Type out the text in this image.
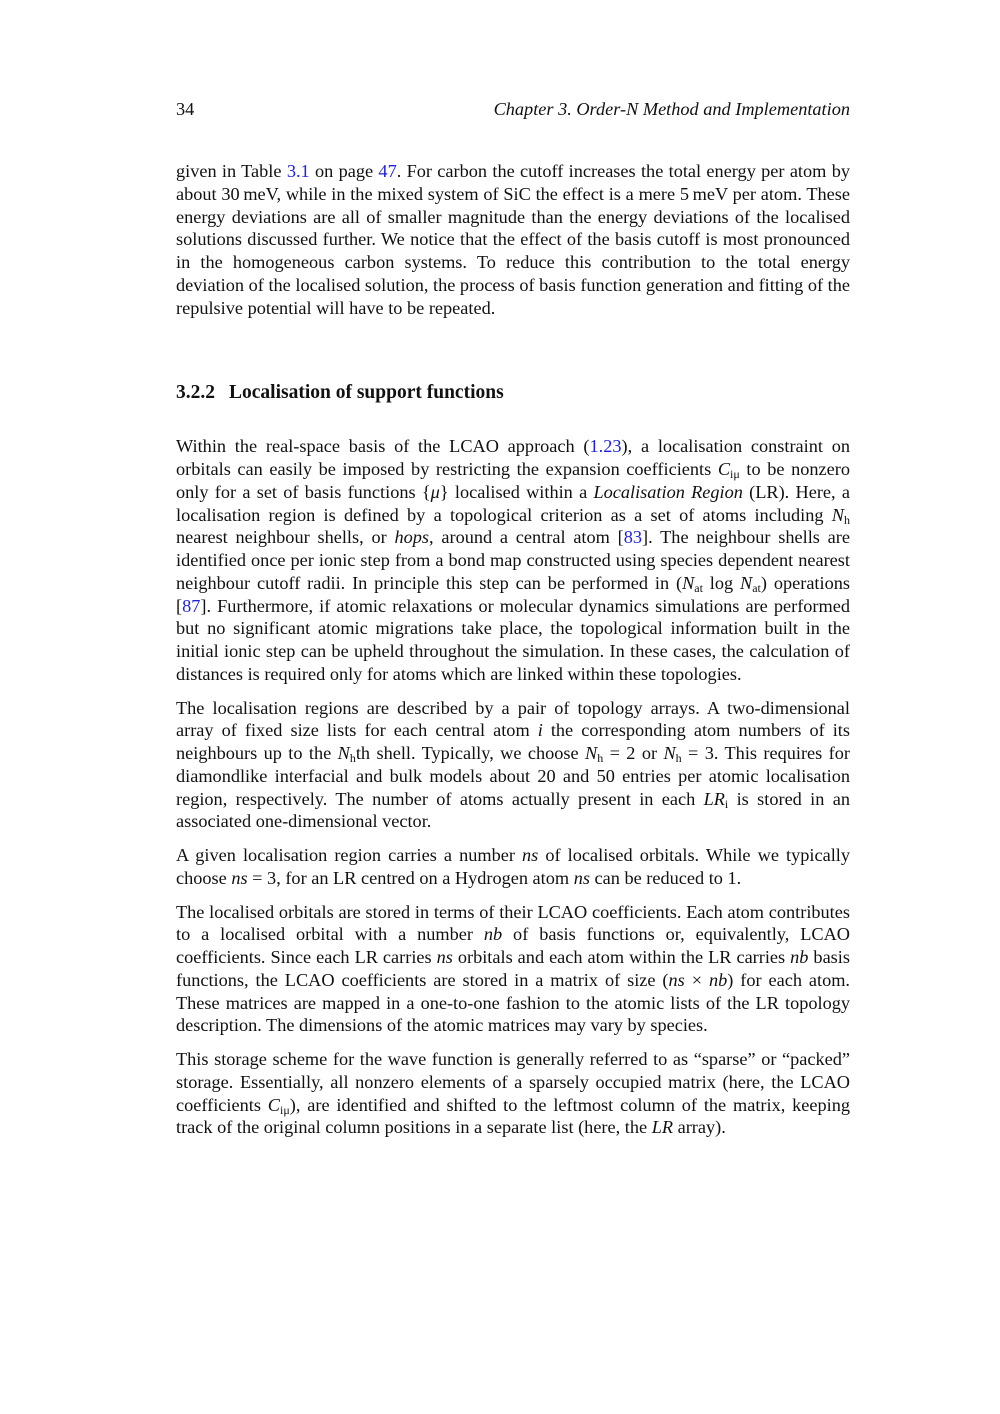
34	Chapter 3. Order-N Method and Implementation

given in Table 3.1 on page 47. For carbon the cutoff increases the total energy per atom by about 30 meV, while in the mixed system of SiC the effect is a mere 5 meV per atom. These energy deviations are all of smaller magnitude than the energy deviations of the localised solutions discussed further. We notice that the effect of the basis cutoff is most pronounced in the homogeneous carbon systems. To reduce this contribution to the total energy deviation of the localised solution, the process of basis function generation and fitting of the repulsive potential will have to be repeated.

3.2.2 Localisation of support functions

Within the real-space basis of the LCAO approach (1.23), a localisation constraint on orbitals can easily be imposed by restricting the expansion coefficients $C_{i\mu}$ to be nonzero only for a set of basis functions {μ} localised within a Localisation Region (LR). Here, a localisation region is defined by a topological criterion as a set of atoms including $N_h$ nearest neighbour shells, or hops, around a central atom [83]. The neighbour shells are identified once per ionic step from a bond map constructed using species dependent nearest neighbour cutoff radii. In principle this step can be performed in ($N_{at}$ $\log N_{at}$) operations [87]. Furthermore, if atomic relaxations or molecular dynamics simulations are performed but no significant atomic migrations take place, the topological information built in the initial ionic step can be upheld throughout the simulation. In these cases, the calculation of distances is required only for atoms which are linked within these topologies.

The localisation regions are described by a pair of topology arrays. A two-dimensional array of fixed size lists for each central atom i the corresponding atom numbers of its neighbours up to the $N_hth$ shell. Typically, we choose $N_h = 2$ or $N_h = 3$. This requires for diamondlike interfacial and bulk models about 20 and 50 entries per atomic localisation region, respectively. The number of atoms actually present in each $LR_i$ is stored in an associated one-dimensional vector.

A given localisation region carries a number ns of localised orbitals. While we typically choose ns = 3, for an LR centred on a Hydrogen atom ns can be reduced to 1.

The localised orbitals are stored in terms of their LCAO coefficients. Each atom contributes to a localised orbital with a number nb of basis functions or, equivalently, LCAO coefficients. Since each LR carries ns orbitals and each atom within the LR carries nb basis functions, the LCAO coefficients are stored in a matrix of size (ns × nb) for each atom. These matrices are mapped in a one-to-one fashion to the atomic lists of the LR topology description. The dimensions of the atomic matrices may vary by species.

This storage scheme for the wave function is generally referred to as “sparse” or “packed” storage. Essentially, all nonzero elements of a sparsely occupied matrix (here, the LCAO coefficients $C_{i\mu}$), are identified and shifted to the leftmost column of the matrix, keeping track of the original column positions in a separate list (here, the LR array).
